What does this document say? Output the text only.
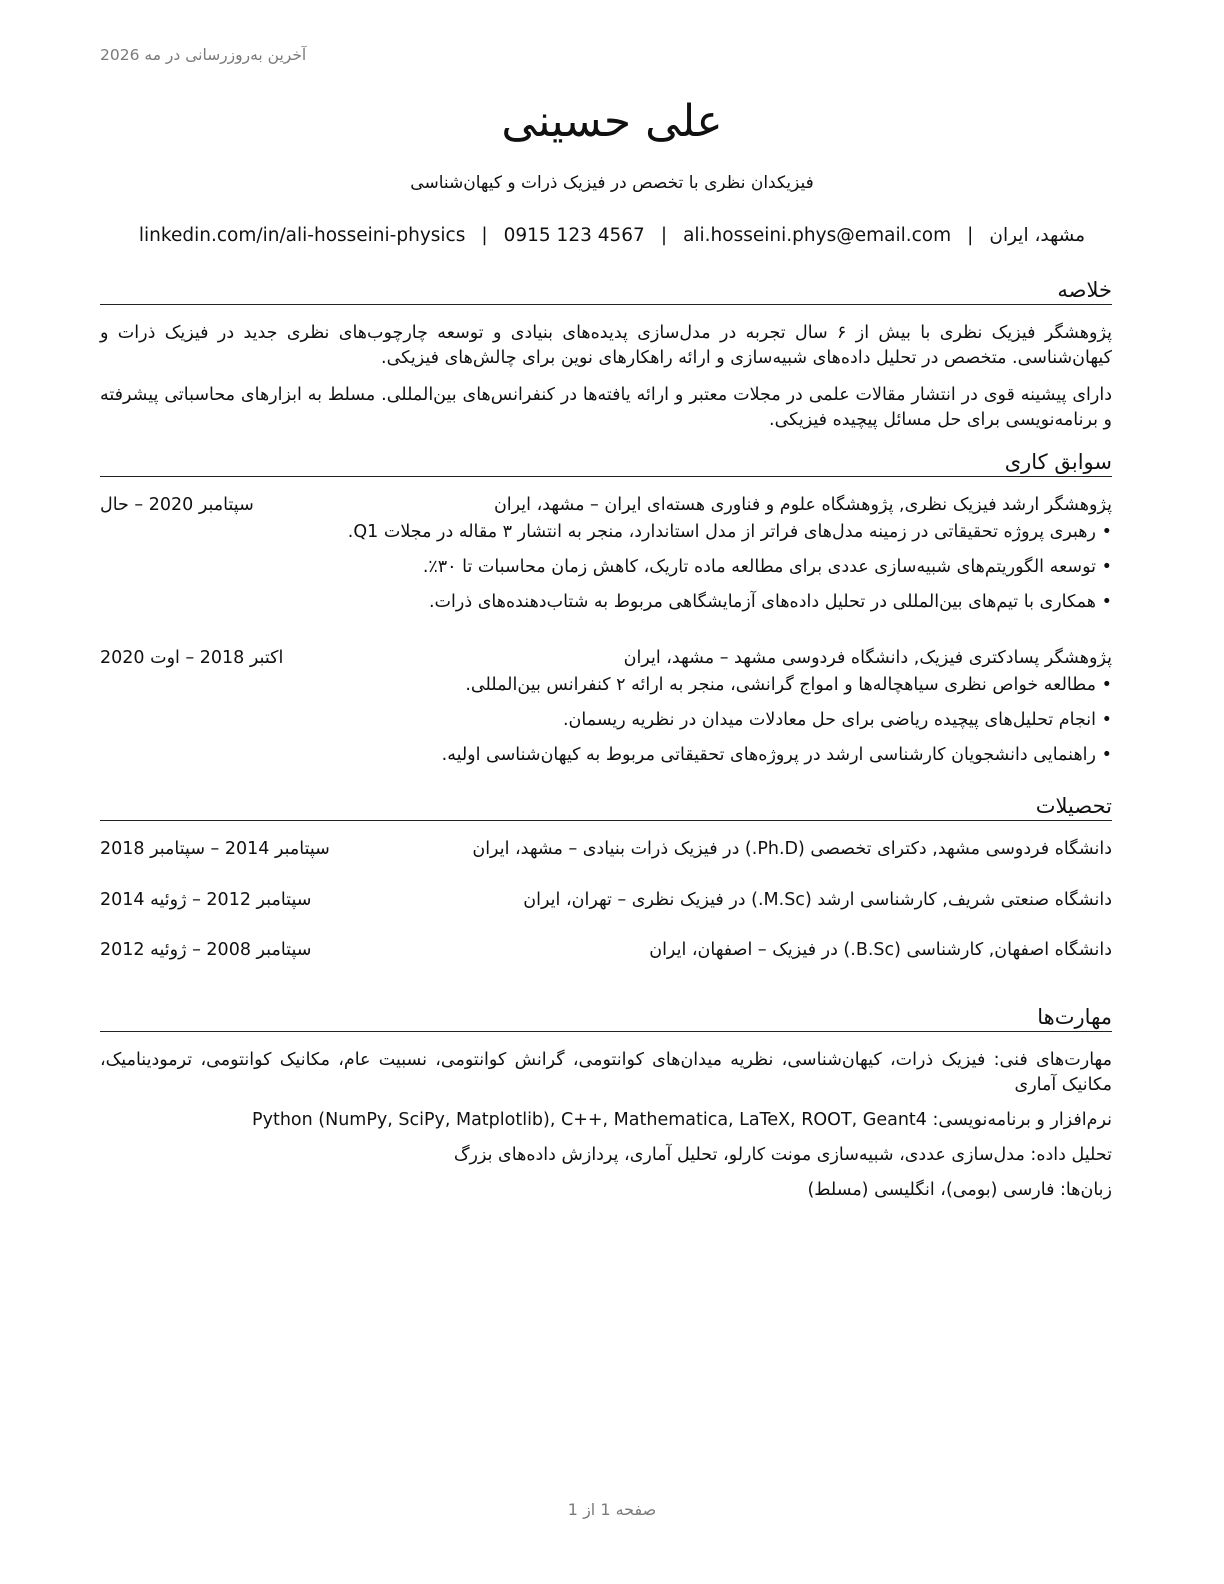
آخرین به‌روزرسانی در مه 2026
علی حسینی
فیزیکدان نظری با تخصص در فیزیک ذرات و کیهان‌شناسی
مشهد، ایران|ali.hosseini.phys@email.com|0915 123 4567|linkedin.com/in/ali-hosseini-physics
خلاصه

پژوهشگر فیزیک نظری با بیش از ۶ سال تجربه در مدل‌سازی پدیده‌های بنیادی و توسعه چارچوب‌های نظری جدید در فیزیک ذرات و کیهان‌شناسی. متخصص در تحلیل داده‌های شبیه‌سازی و ارائه راهکارهای نوین برای چالش‌های فیزیکی.

دارای پیشینه قوی در انتشار مقالات علمی در مجلات معتبر و ارائه یافته‌ها در کنفرانس‌های بین‌المللی. مسلط به ابزارهای محاسباتی پیشرفته و برنامه‌نویسی برای حل مسائل پیچیده فیزیکی.

سوابق کاری
پژوهشگر ارشد فیزیک نظری, پژوهشگاه علوم و فناوری هسته‌ای ایران – مشهد، ایران
سپتامبر 2020 – حال
• رهبری پروژه تحقیقاتی در زمینه مدل‌های فراتر از مدل استاندارد، منجر به انتشار ۳ مقاله در مجلات Q1.
• توسعه الگوریتم‌های شبیه‌سازی عددی برای مطالعه ماده تاریک، کاهش زمان محاسبات تا ۳۰٪.
• همکاری با تیم‌های بین‌المللی در تحلیل داده‌های آزمایشگاهی مربوط به شتاب‌دهنده‌های ذرات.
پژوهشگر پسادکتری فیزیک, دانشگاه فردوسی مشهد – مشهد، ایران
اکتبر 2018 – اوت 2020
• مطالعه خواص نظری سیاهچاله‌ها و امواج گرانشی، منجر به ارائه ۲ کنفرانس بین‌المللی.
• انجام تحلیل‌های پیچیده ریاضی برای حل معادلات میدان در نظریه ریسمان.
• راهنمایی دانشجویان کارشناسی ارشد در پروژه‌های تحقیقاتی مربوط به کیهان‌شناسی اولیه.
تحصیلات
دانشگاه فردوسی مشهد, دکترای تخصصی (Ph.D.) در فیزیک ذرات بنیادی – مشهد، ایران
سپتامبر 2014 – سپتامبر 2018
دانشگاه صنعتی شریف, کارشناسی ارشد (M.Sc.) در فیزیک نظری – تهران، ایران
سپتامبر 2012 – ژوئیه 2014
دانشگاه اصفهان, کارشناسی (B.Sc.) در فیزیک – اصفهان، ایران
سپتامبر 2008 – ژوئیه 2012
مهارت‌ها

مهارت‌های فنی: فیزیک ذرات، کیهان‌شناسی، نظریه میدان‌های کوانتومی، گرانش کوانتومی، نسبیت عام، مکانیک کوانتومی، ترمودینامیک، مکانیک آماری

نرم‌افزار و برنامه‌نویسی: Python (NumPy, SciPy, Matplotlib), C++, Mathematica, LaTeX, ROOT, Geant4

تحلیل داده: مدل‌سازی عددی، شبیه‌سازی مونت کارلو، تحلیل آماری، پردازش داده‌های بزرگ

زبان‌ها: فارسی (بومی)، انگلیسی (مسلط)

صفحه 1 از 1
